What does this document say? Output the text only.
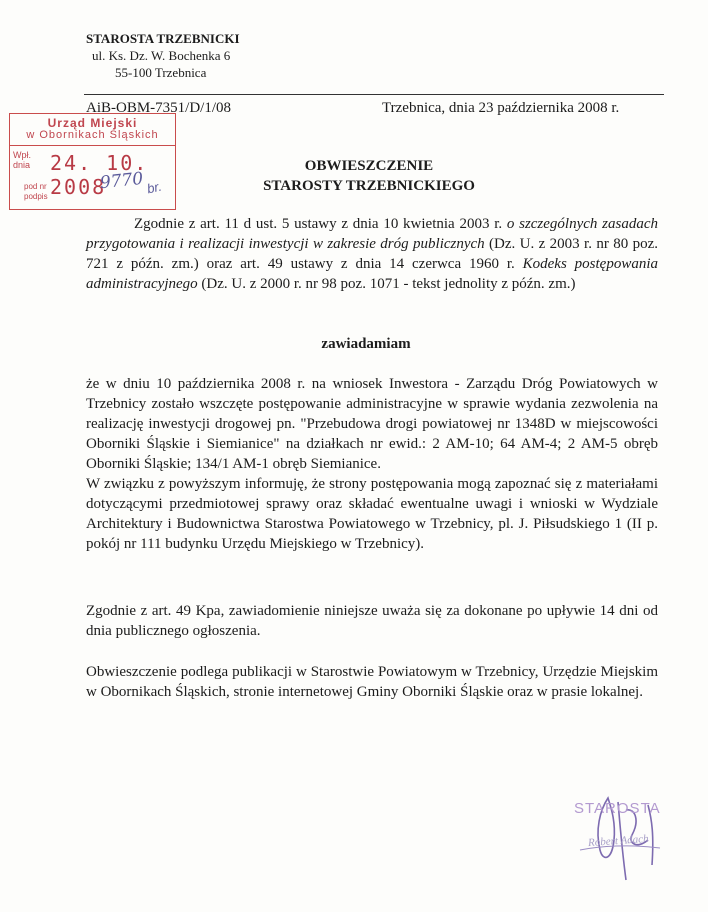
STAROSTA TRZEBNICKI
ul. Ks. Dz. W. Bochenka 6
55-100 Trzebnica
AiB-OBM-7351/D/1/08	Trzebnica, dnia 23 października 2008 r.
Urząd Miejski
w Obornikach Śląskich
Wpł.
dnia 24. 10. 2008
pod nr
podpis
9770 br.
OBWIESZCZENIE
STAROSTY TRZEBNICKIEGO
Zgodnie z art. 11 d ust. 5 ustawy z dnia 10 kwietnia 2003 r. o szczególnych zasadach przygotowania i realizacji inwestycji w zakresie dróg publicznych (Dz. U. z 2003 r. nr 80 poz. 721 z późn. zm.) oraz art. 49 ustawy z dnia 14 czerwca 1960 r. Kodeks postępowania administracyjnego (Dz. U. z 2000 r. nr 98 poz. 1071 - tekst jednolity z późn. zm.)
zawiadamiam
że w dniu 10 października 2008 r. na wniosek Inwestora - Zarządu Dróg Powiatowych w Trzebnicy zostało wszczęte postępowanie administracyjne w sprawie wydania zezwolenia na realizację inwestycji drogowej pn. "Przebudowa drogi powiatowej nr 1348D w miejscowości Oborniki Śląskie i Siemianice" na działkach nr ewid.: 2 AM-10; 64 AM-4; 2 AM-5 obręb Oborniki Śląskie; 134/1 AM-1 obręb Siemianice.
W związku z powyższym informuję, że strony postępowania mogą zapoznać się z materiałami dotyczącymi przedmiotowej sprawy oraz składać ewentualne uwagi i wnioski w Wydziale Architektury i Budownictwa Starostwa Powiatowego w Trzebnicy, pl. J. Piłsudskiego 1 (II p. pokój nr 111 budynku Urzędu Miejskiego w Trzebnicy).
Zgodnie z art. 49 Kpa, zawiadomienie niniejsze uważa się za dokonane po upływie 14 dni od dnia publicznego ogłoszenia.
Obwieszczenie podlega publikacji w Starostwie Powiatowym w Trzebnicy, Urzędzie Miejskim w Obornikach Śląskich, stronie internetowej Gminy Oborniki Śląskie oraz w prasie lokalnej.
STAROSTA
Robert Adach
